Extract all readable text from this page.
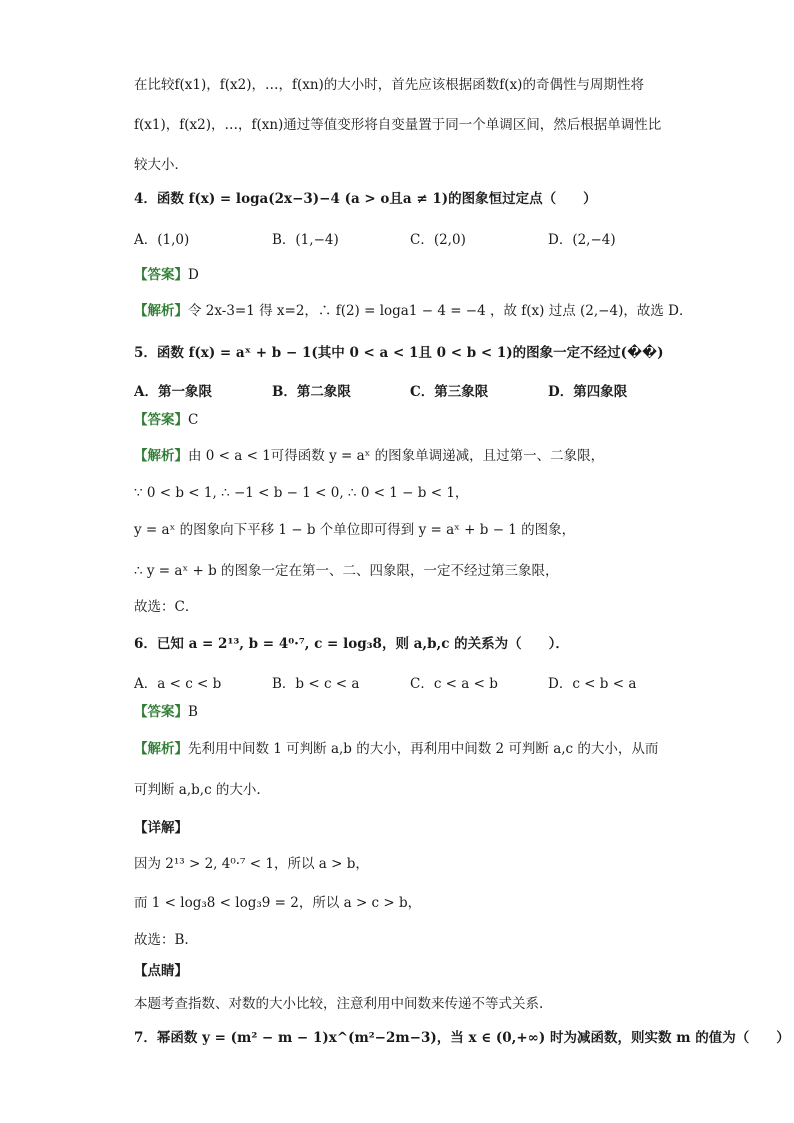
在比较f(x1)，f(x2)，…，f(xn)的大小时，首先应该根据函数f(x)的奇偶性与周期性将
f(x1)，f(x2)，…，f(xn)通过等值变形将自变量置于同一个单调区间，然后根据单调性比
较大小．
4．函数 f(x) = loga(2x−3)−4 (a > o且a ≠ 1)的图象恒过定点（　　）
A．(1,0)	B．(1,−4)	C．(2,0)	D．(2,−4)
【答案】D
【解析】令 2x-3=1 得 x=2，∴ f(2) = loga1 − 4 = −4 ，故 f(x) 过点 (2,−4)，故选 D．
5．函数 f(x) = aˣ + b − 1(其中 0 < a < 1且 0 < b < 1)的图象一定不经过(��)
A．第一象限	B．第二象限	C．第三象限	D．第四象限
【答案】C
【解析】由 0 < a < 1可得函数 y = aˣ 的图象单调递减，且过第一、二象限，
∵ 0 < b < 1, ∴ −1 < b − 1 < 0, ∴ 0 < 1 − b < 1，
y = aˣ 的图象向下平移 1 − b 个单位即可得到 y = aˣ + b − 1 的图象，
∴ y = aˣ + b 的图象一定在第一、二、四象限，一定不经过第三象限，
故选：C．
6．已知 a = 2¹³, b = 4⁰·⁷, c = log₃8，则 a,b,c 的关系为（　　）．
A．a < c < b	B．b < c < a	C．c < a < b	D．c < b < a
【答案】B
【解析】先利用中间数 1 可判断 a,b 的大小，再利用中间数 2 可判断 a,c 的大小，从而
可判断 a,b,c 的大小.
【详解】
因为 2¹³ > 2, 4⁰·⁷ < 1，所以 a > b，
而 1 < log₃8 < log₃9 = 2，所以 a > c > b，
故选：B.
【点睛】
本题考查指数、对数的大小比较，注意利用中间数来传递不等式关系.
7．幂函数 y = (m² − m − 1)x^(m²−2m−3)，当 x ∈ (0,+∞) 时为减函数，则实数 m 的值为（　　）
